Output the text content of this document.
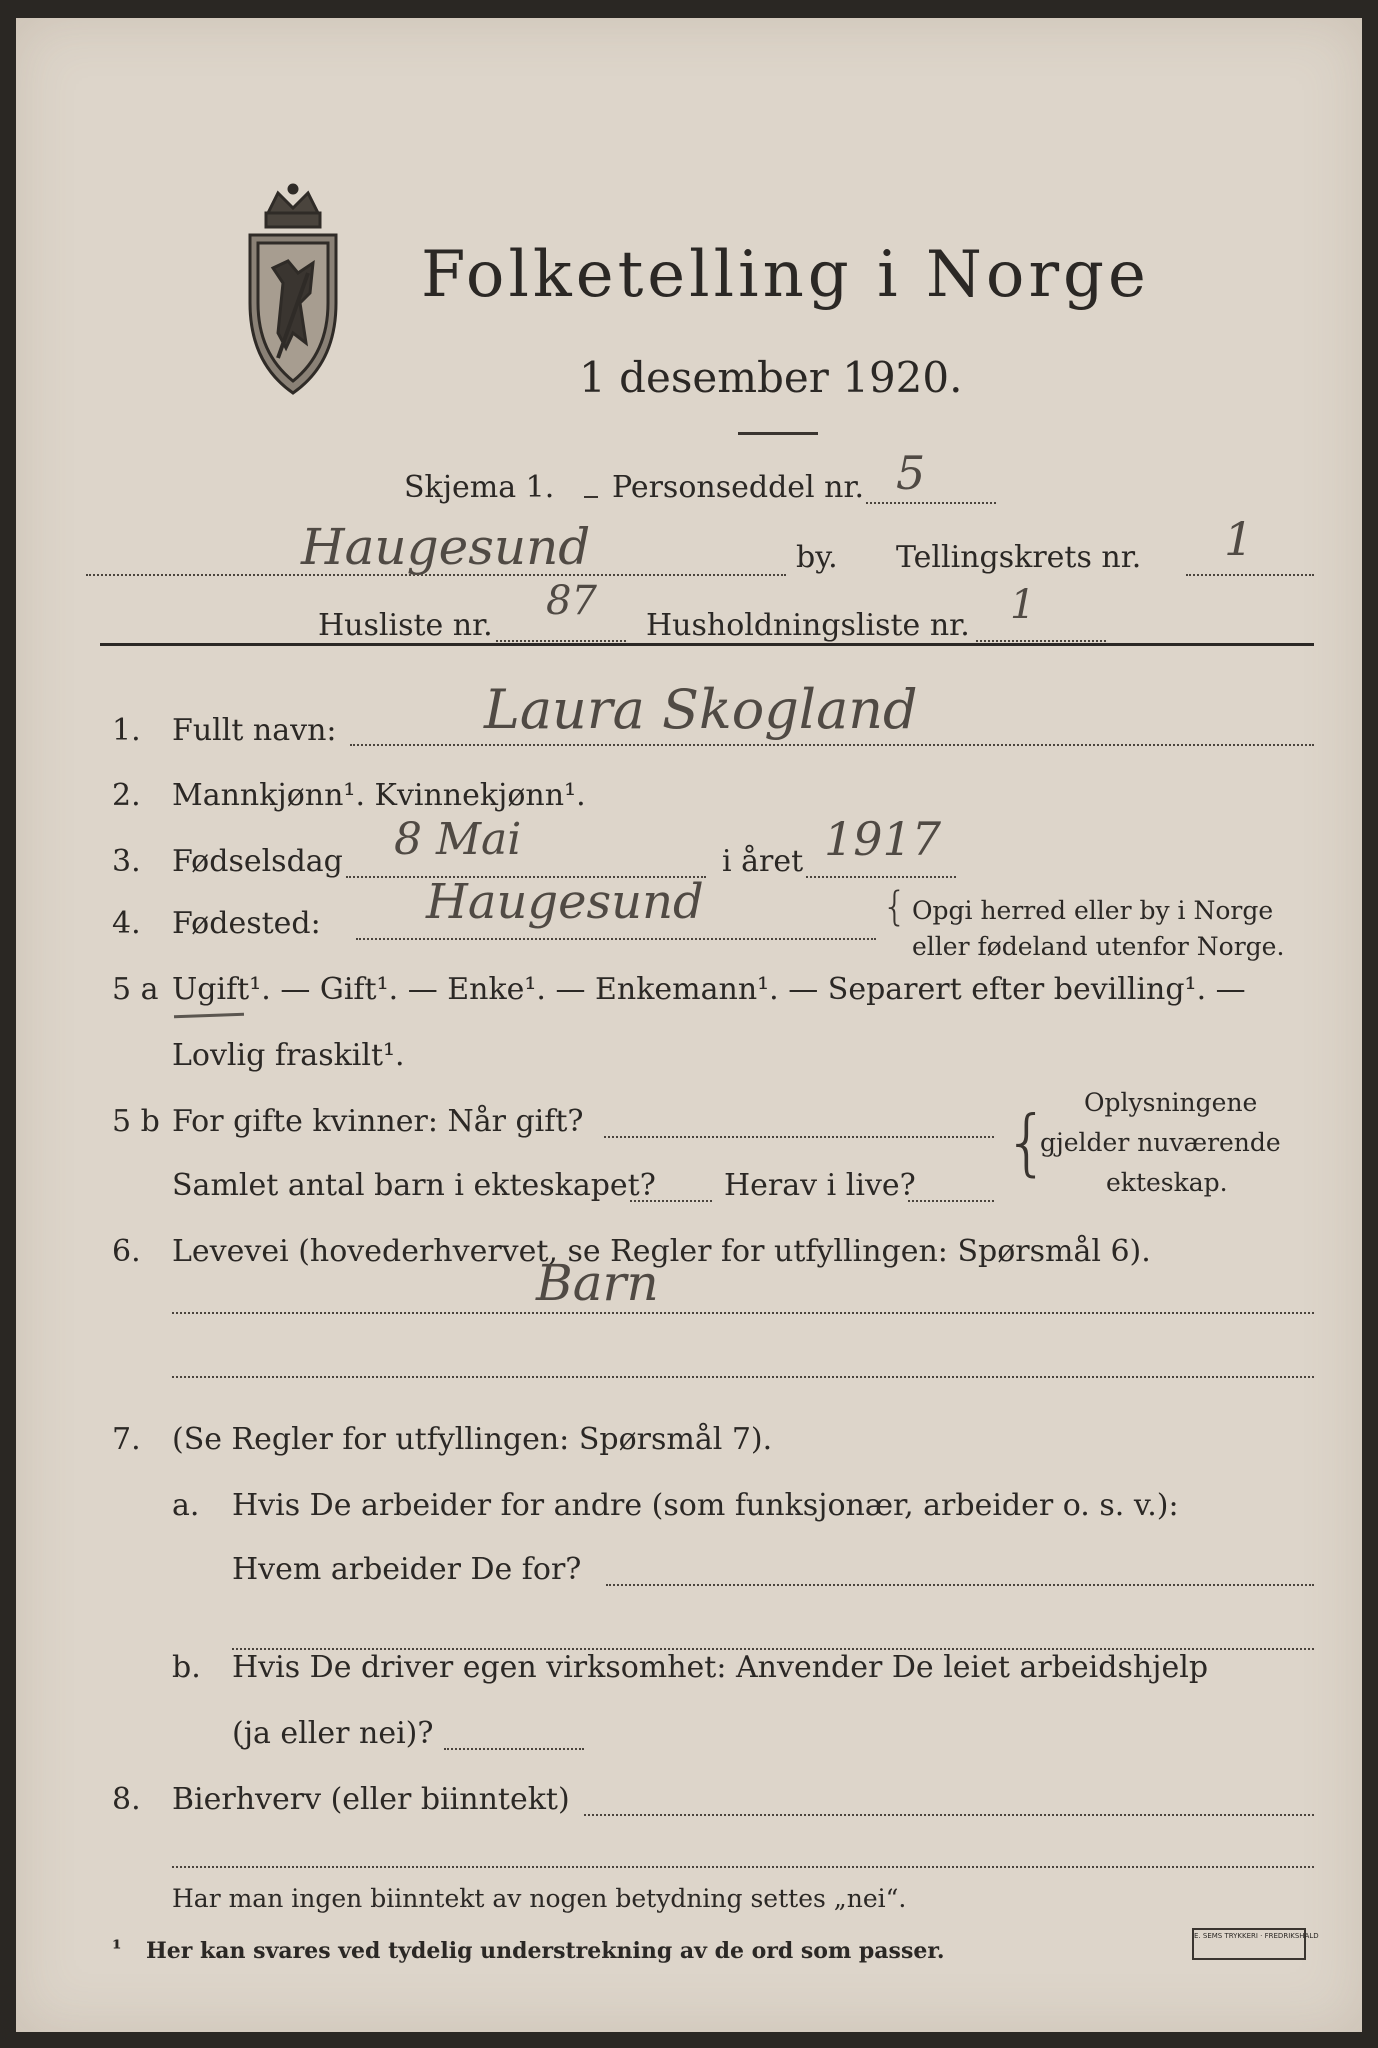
Folketelling i Norge
1 desember 1920.
Skjema 1. Personseddel nr. 5
Haugesund	by. Tellingskrets nr. 1
Husliste nr.
87
Husholdningsliste nr. 1
1. Fullt navn:	Laura Skogland
2. Mannkjønn¹. Kvinnekjønn¹.
3. Fødselsdag 8 Mai	i året 1917
4. Fødested: Haugesund	{ Opgi herred eller by i Norge
eller fødeland utenfor Norge.
5 a Ugift¹. — Gift¹. — Enke¹. — Enkemann¹. — Separert efter bevilling¹. —
Lovlig fraskilt¹.
5 b For gifte kvinner: Når gift?
Samlet antal barn i ekteskapet? Herav i live?
{ Oplysningene
gjelder nuværende
ekteskap.
6. Levevei (hovederhvervet, se Regler for utfyllingen: Spørsmål 6).
Barn
7. (Se Regler for utfyllingen: Spørsmål 7).
a. Hvis De arbeider for andre (som funksjonær, arbeider o. s. v.):
Hvem arbeider De for?
b. Hvis De driver egen virksomhet: Anvender De leiet arbeidshjelp
(ja eller nei)?
8. Bierhverv (eller biinntekt)
Har man ingen biinntekt av nogen betydning settes „nei“.
¹ Her kan svares ved tydelig understrekning av de ord som passer.
E. SEMS TRYKKERI · FREDRIKSHALD
